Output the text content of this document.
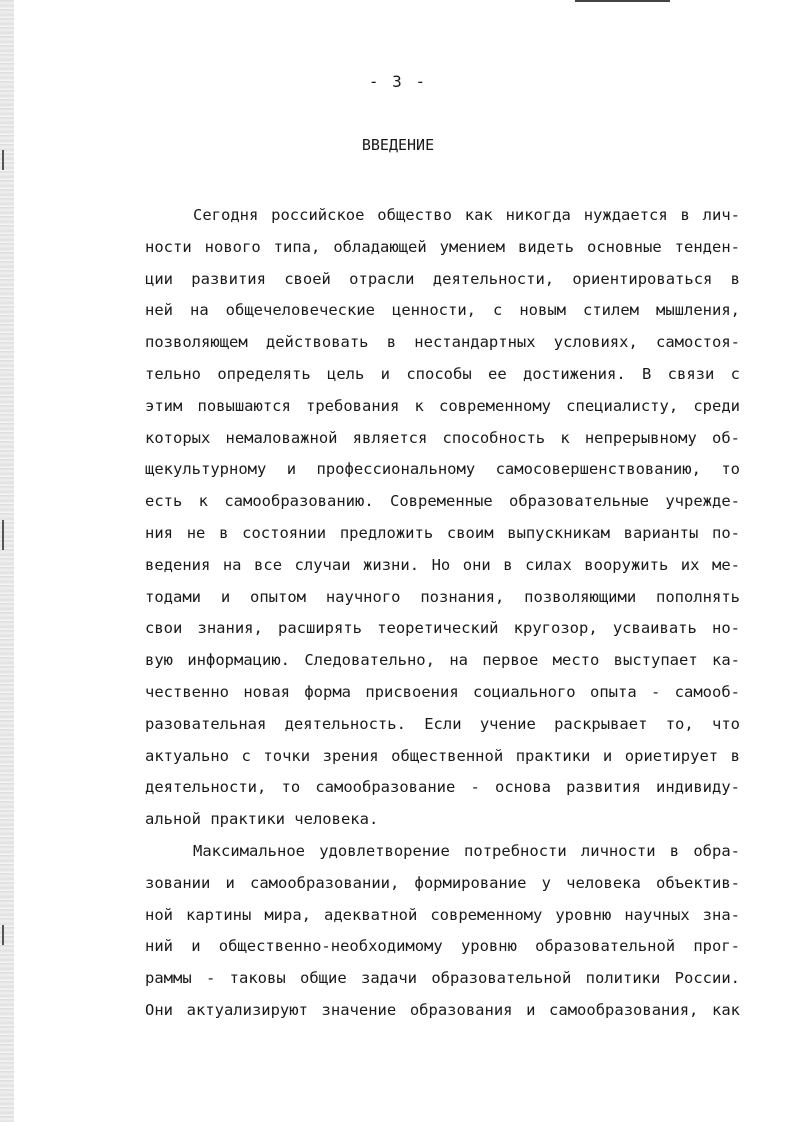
- 3 -
ВВЕДЕНИЕ
Сегодня российское общество как никогда нуждается в лич-
ности нового типа, обладающей умением видеть основные тенден-
ции развития своей отрасли деятельности, ориентироваться в
ней на общечеловеческие ценности, с новым стилем мышления,
позволяющем действовать в нестандартных условиях, самостоя-
тельно определять цель и способы ее достижения. В связи с
этим повышаются требования к современному специалисту, среди
которых немаловажной является способность к непрерывному об-
щекультурному и профессиональному самосовершенствованию, то
есть к самообразованию. Современные образовательные учрежде-
ния не в состоянии предложить своим выпускникам варианты по-
ведения на все случаи жизни. Но они в силах вооружить их ме-
тодами и опытом научного познания, позволяющими пополнять
свои знания, расширять теоретический кругозор, усваивать но-
вую информацию. Следовательно, на первое место выступает ка-
чественно новая форма присвоения социального опыта - самооб-
разовательная деятельность. Если учение раскрывает то, что
актуально с точки зрения общественной практики и ориетирует в
деятельности, то самообразование - основа развития индивиду-
альной практики человека.
Максимальное удовлетворение потребности личности в обра-
зовании и самообразовании, формирование у человека объектив-
ной картины мира, адекватной современному уровню научных зна-
ний и общественно-необходимому уровню образовательной прог-
раммы - таковы общие задачи образовательной политики России.
Они актуализируют значение образования и самообразования, как
